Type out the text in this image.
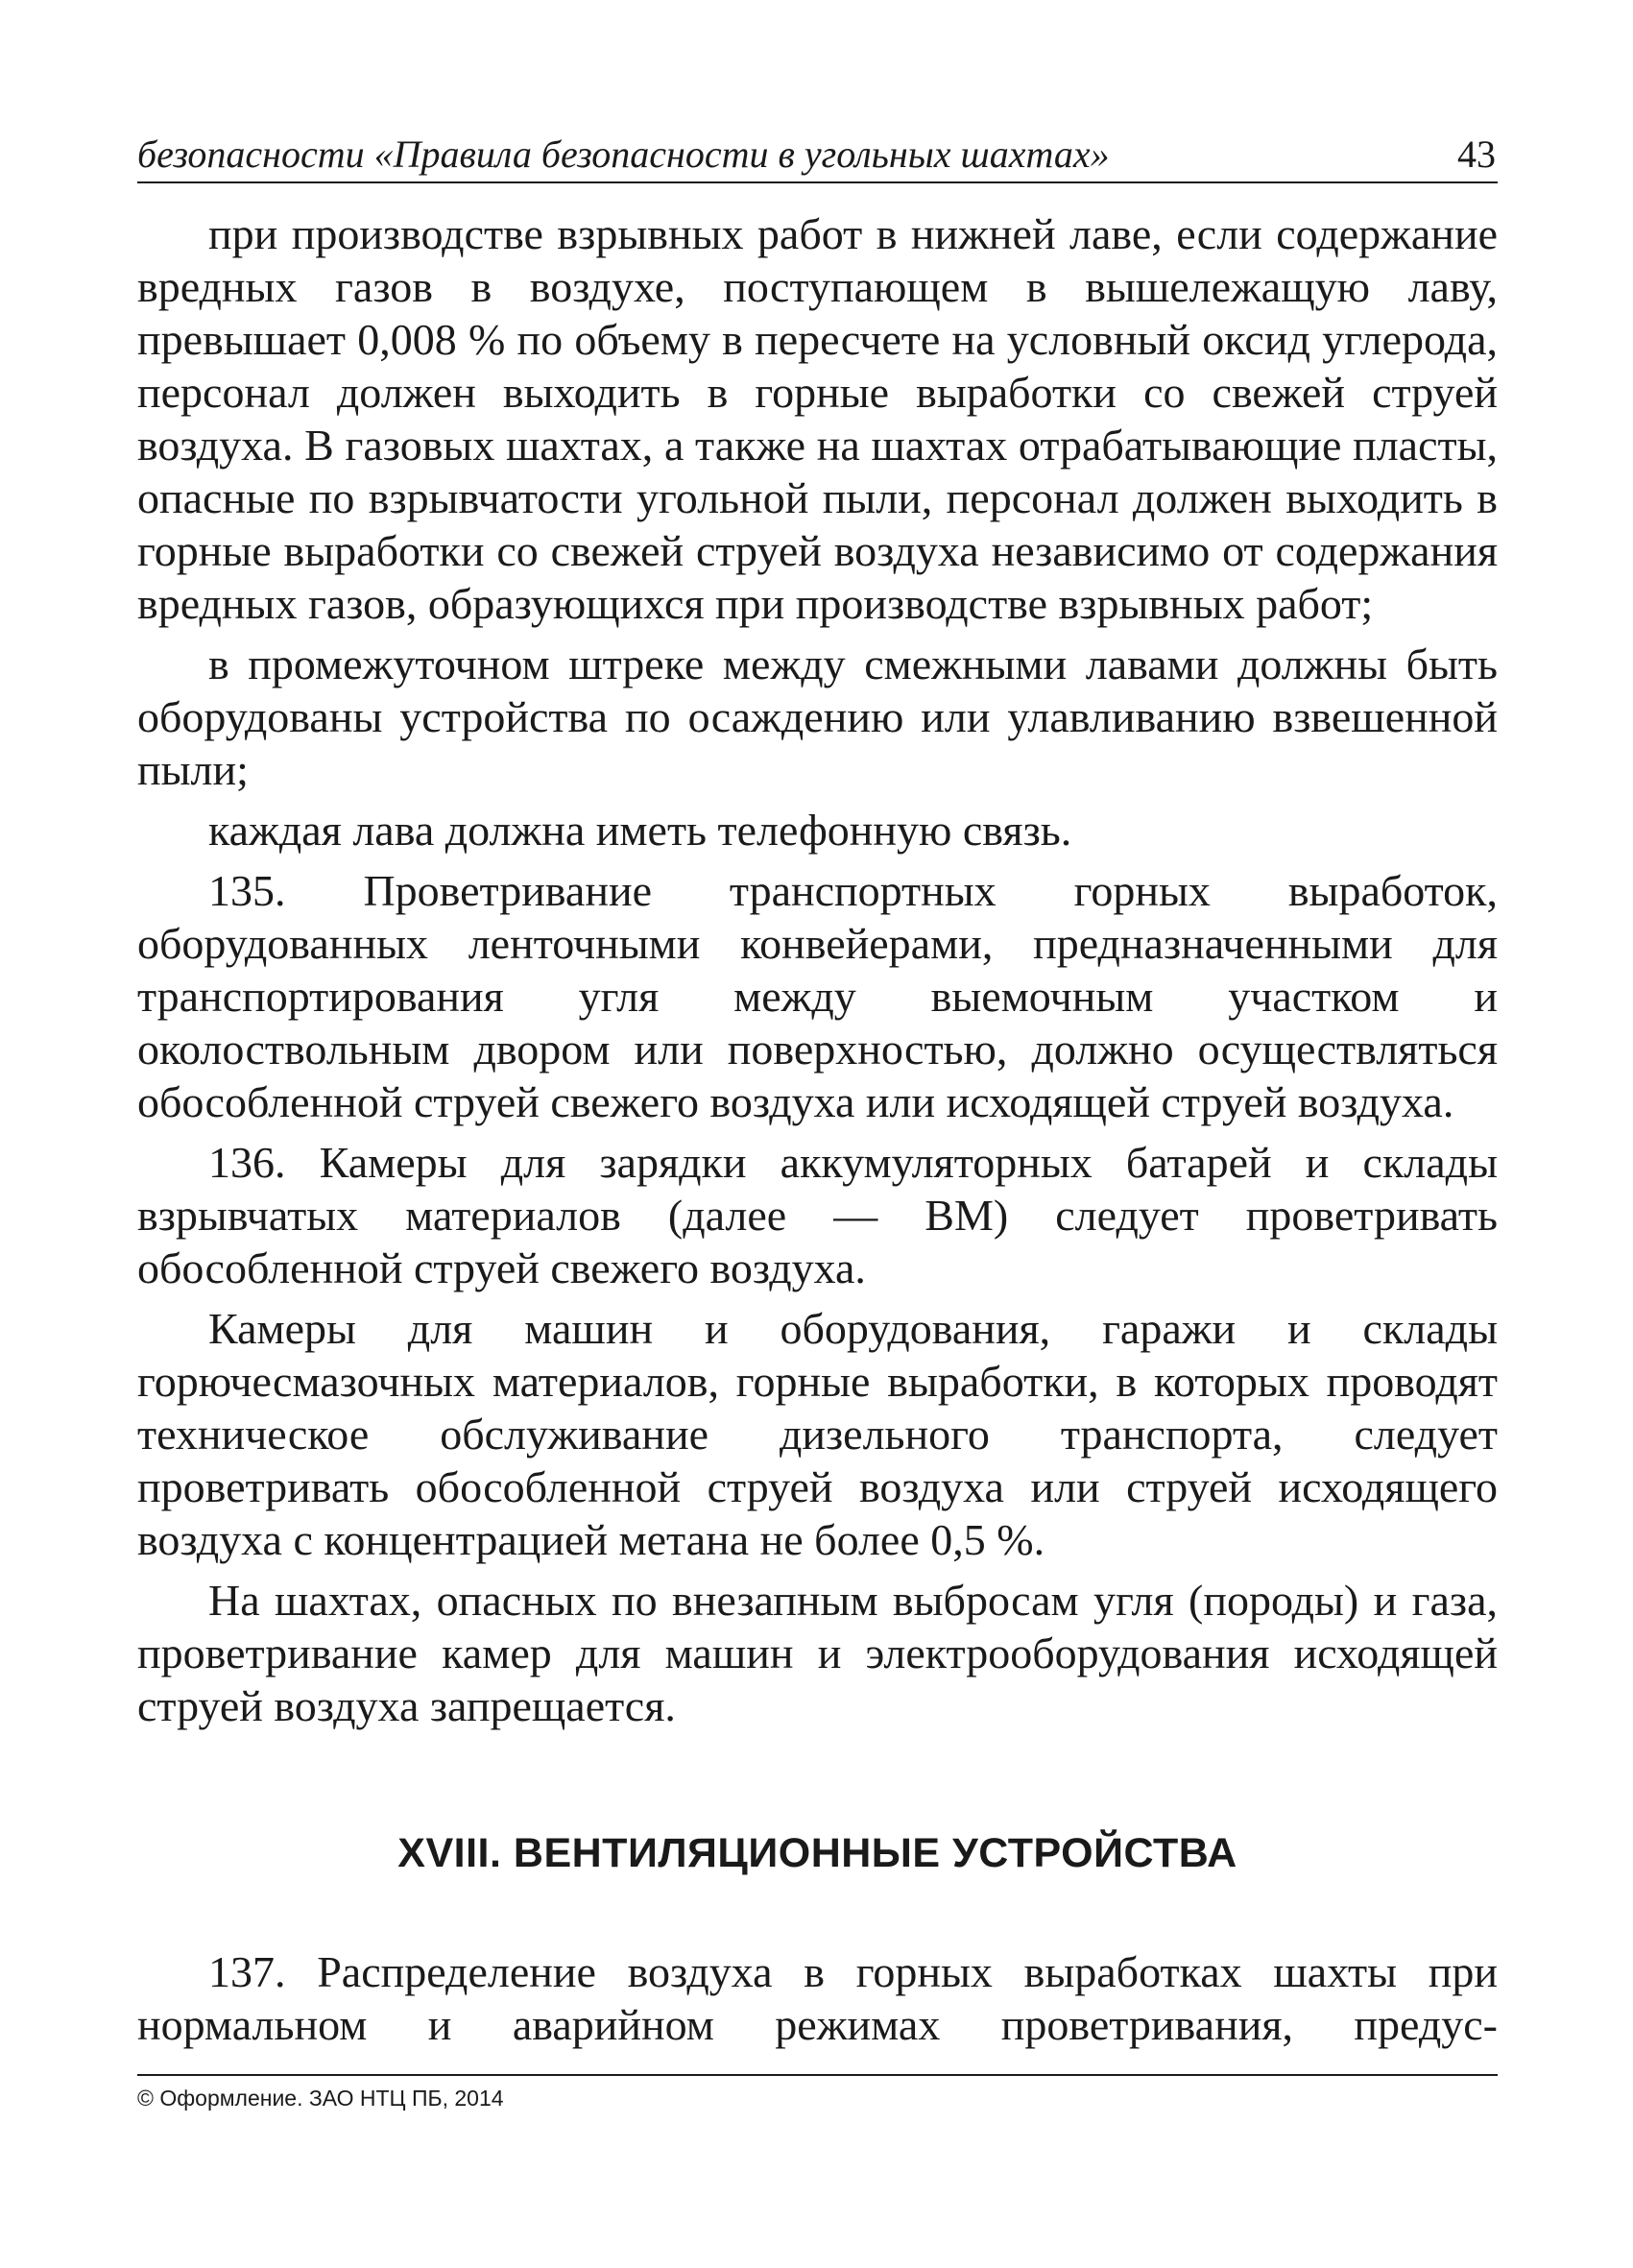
безопасности «Правила безопасности в угольных шахтах»	43

при производстве взрывных работ в нижней лаве, если содержание вредных газов в воздухе, поступающем в вышележащую лаву, превышает 0,008 % по объему в пересчете на условный оксид углерода, персонал должен выходить в горные выработки со свежей струей воздуха. В газовых шахтах, а также на шахтах отрабатывающие пласты, опасные по взрывчатости угольной пыли, персонал должен выходить в горные выработки со свежей струей воздуха независимо от содержания вредных газов, образующихся при производстве взрывных работ;

в промежуточном штреке между смежными лавами должны быть оборудованы устройства по осаждению или улавливанию взвешенной пыли;

каждая лава должна иметь телефонную связь.

135. Проветривание транспортных горных выработок, оборудованных ленточными конвейерами, предназначенными для транспортирования угля между выемочным участком и околоствольным двором или поверхностью, должно осуществляться обособленной струей свежего воздуха или исходящей струей воздуха.

136. Камеры для зарядки аккумуляторных батарей и склады взрывчатых материалов (далее — ВМ) следует проветривать обособленной струей свежего воздуха.

Камеры для машин и оборудования, гаражи и склады горючесмазочных материалов, горные выработки, в которых проводят техническое обслуживание дизельного транспорта, следует проветривать обособленной струей воздуха или струей исходящего воздуха с концентрацией метана не более 0,5 %.

На шахтах, опасных по внезапным выбросам угля (породы) и газа, проветривание камер для машин и электрооборудования исходящей струей воздуха запрещается.

XVIII. ВЕНТИЛЯЦИОННЫЕ УСТРОЙСТВА

137. Распределение воздуха в горных выработках шахты при нормальном и аварийном режимах проветривания, предус-

© Оформление. ЗАО НТЦ ПБ, 2014
